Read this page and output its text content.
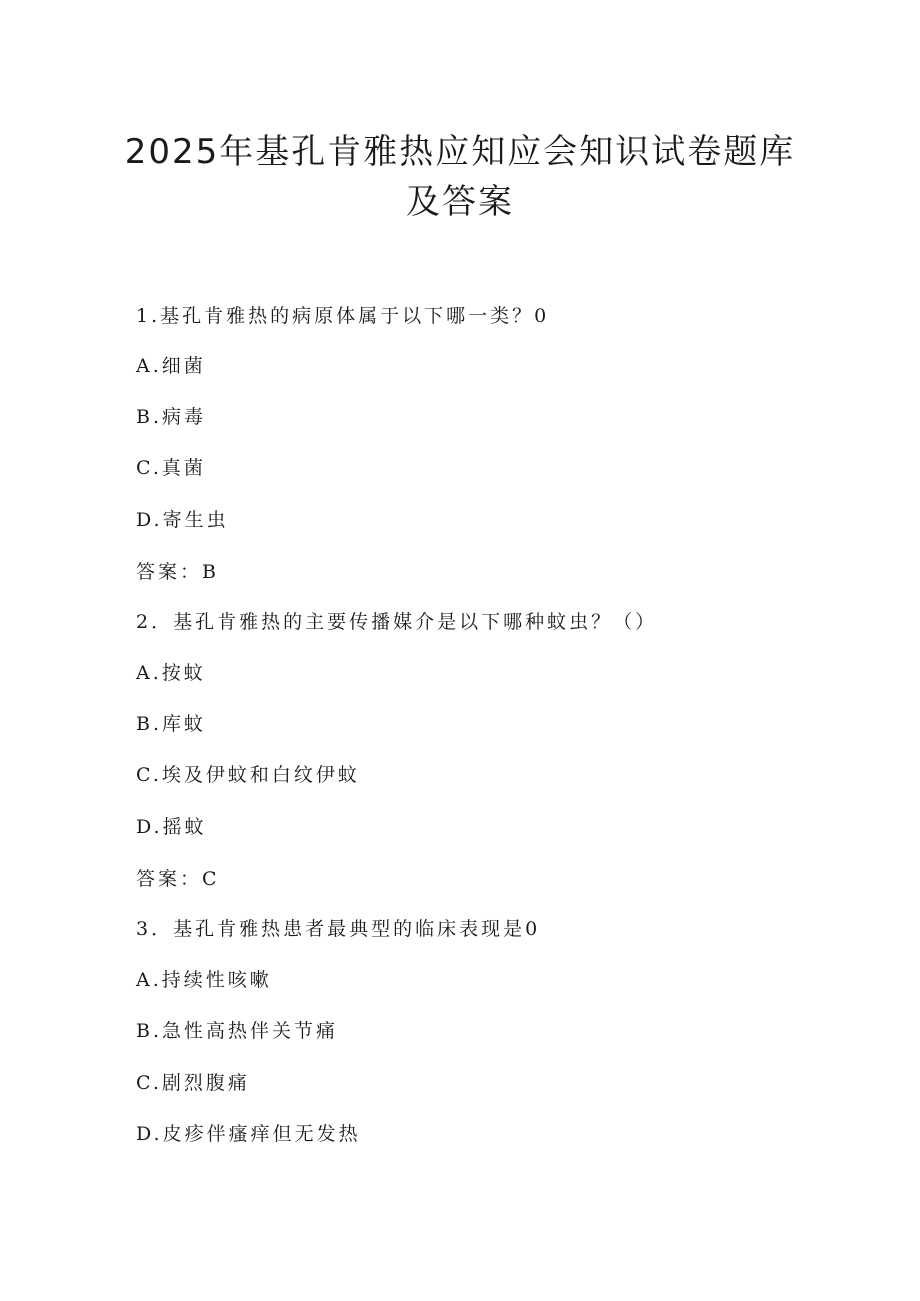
2025年基孔肯雅热应知应会知识试卷题库
及答案
1.基孔肯雅热的病原体属于以下哪一类？0
A.细菌
B.病毒
C.真菌
D.寄生虫
答案：B
2．基孔肯雅热的主要传播媒介是以下哪种蚊虫？（）
A.按蚊
B.库蚊
C.埃及伊蚊和白纹伊蚊
D.摇蚊
答案：C
3．基孔肯雅热患者最典型的临床表现是0
A.持续性咳嗽
B.急性高热伴关节痛
C.剧烈腹痛
D.皮疹伴瘙痒但无发热
